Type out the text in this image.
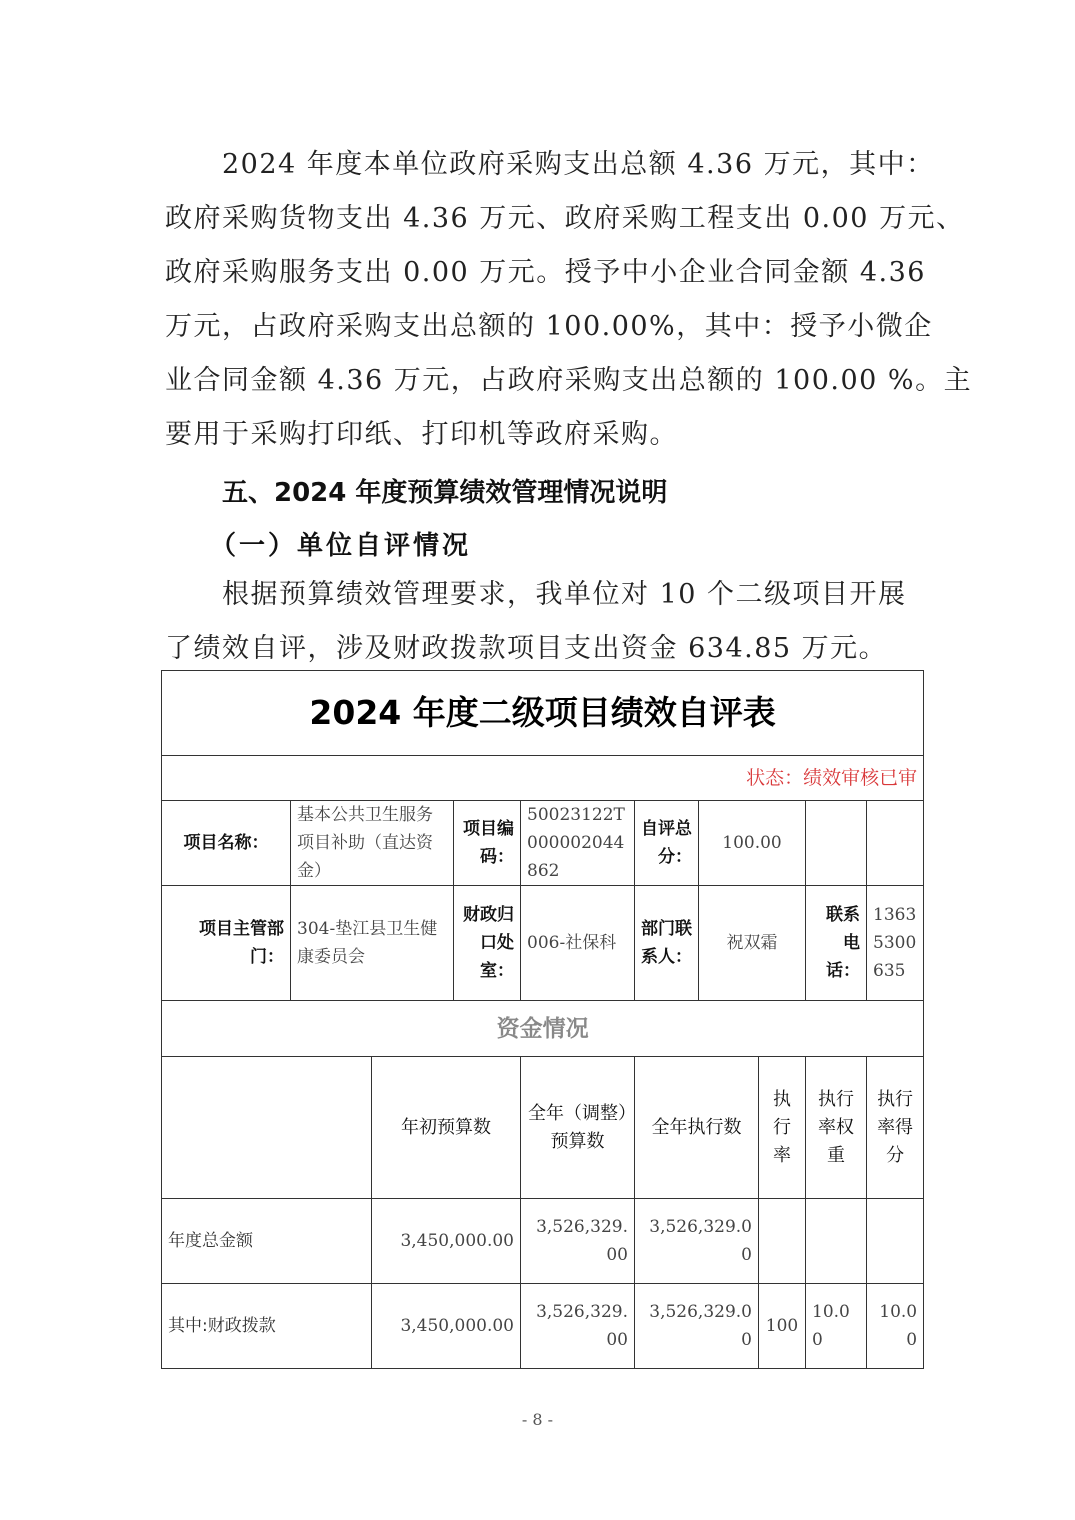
　　2024 年度本单位政府采购支出总额 4.36 万元，其中：
政府采购货物支出 4.36 万元、政府采购工程支出 0.00 万元、
政府采购服务支出 0.00 万元。授予中小企业合同金额 4.36
万元，占政府采购支出总额的 100.00%，其中：授予小微企
业合同金额 4.36 万元，占政府采购支出总额的 100.00 %。主
要用于采购打印纸、打印机等政府采购。
五、2024 年度预算绩效管理情况说明
（一）单位自评情况
　　根据预算绩效管理要求，我单位对 10 个二级项目开展
了绩效自评，涉及财政拨款项目支出资金 634.85 万元。
2024 年度二级项目绩效自评表									
状态：绩效审核已审									
项目名称：	基本公共卫生服务项目补助（直达资金）		项目编码：	50023122T000002044862	自评总分：	100.00			
项目主管部门：	304-垫江县卫生健康委员会		财政归口处室：	006-社保科	部门联系人：	祝双霜		联系电话：	13635300635
资金情况									
		年初预算数		全年（调整）预算数	全年执行数		执行率	执行率权重	执行率得分
年度总金额		3,450,000.00		3,526,329.00	3,526,329.00				
其中:财政拨款		3,450,000.00		3,526,329.00	3,526,329.00		100	10.00	10.00
- 8 -
